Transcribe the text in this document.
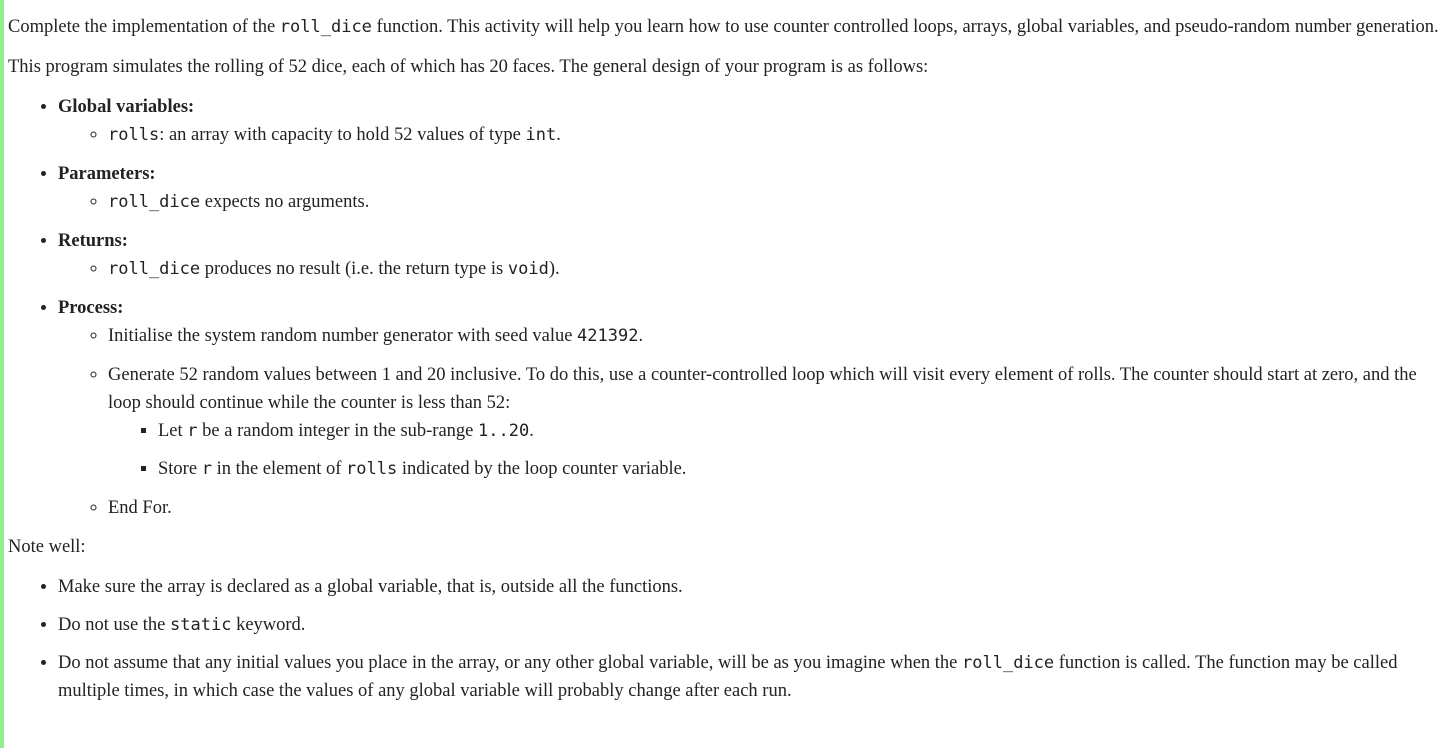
Complete the implementation of the roll_dice function. This activity will help you learn how to use counter controlled loops, arrays, global variables, and pseudo-random number generation.

This program simulates the rolling of 52 dice, each of which has 20 faces. The general design of your program is as follows:

• Global variables:
◦ rolls: an array with capacity to hold 52 values of type int.
• Parameters:
◦ roll_dice expects no arguments.
• Returns:
◦ roll_dice produces no result (i.e. the return type is void).
• Process:
◦ Initialise the system random number generator with seed value 421392.
◦ Generate 52 random values between 1 and 20 inclusive. To do this, use a counter-controlled loop which will visit every element of rolls. The counter should start at zero, and the loop should continue while the counter is less than 52:
▪ Let r be a random integer in the sub-range 1..20.
▪ Store r in the element of rolls indicated by the loop counter variable.
◦ End For.

Note well:

• Make sure the array is declared as a global variable, that is, outside all the functions.
• Do not use the static keyword.
• Do not assume that any initial values you place in the array, or any other global variable, will be as you imagine when the roll_dice function is called. The function may be called multiple times, in which case the values of any global variable will probably change after each run.
